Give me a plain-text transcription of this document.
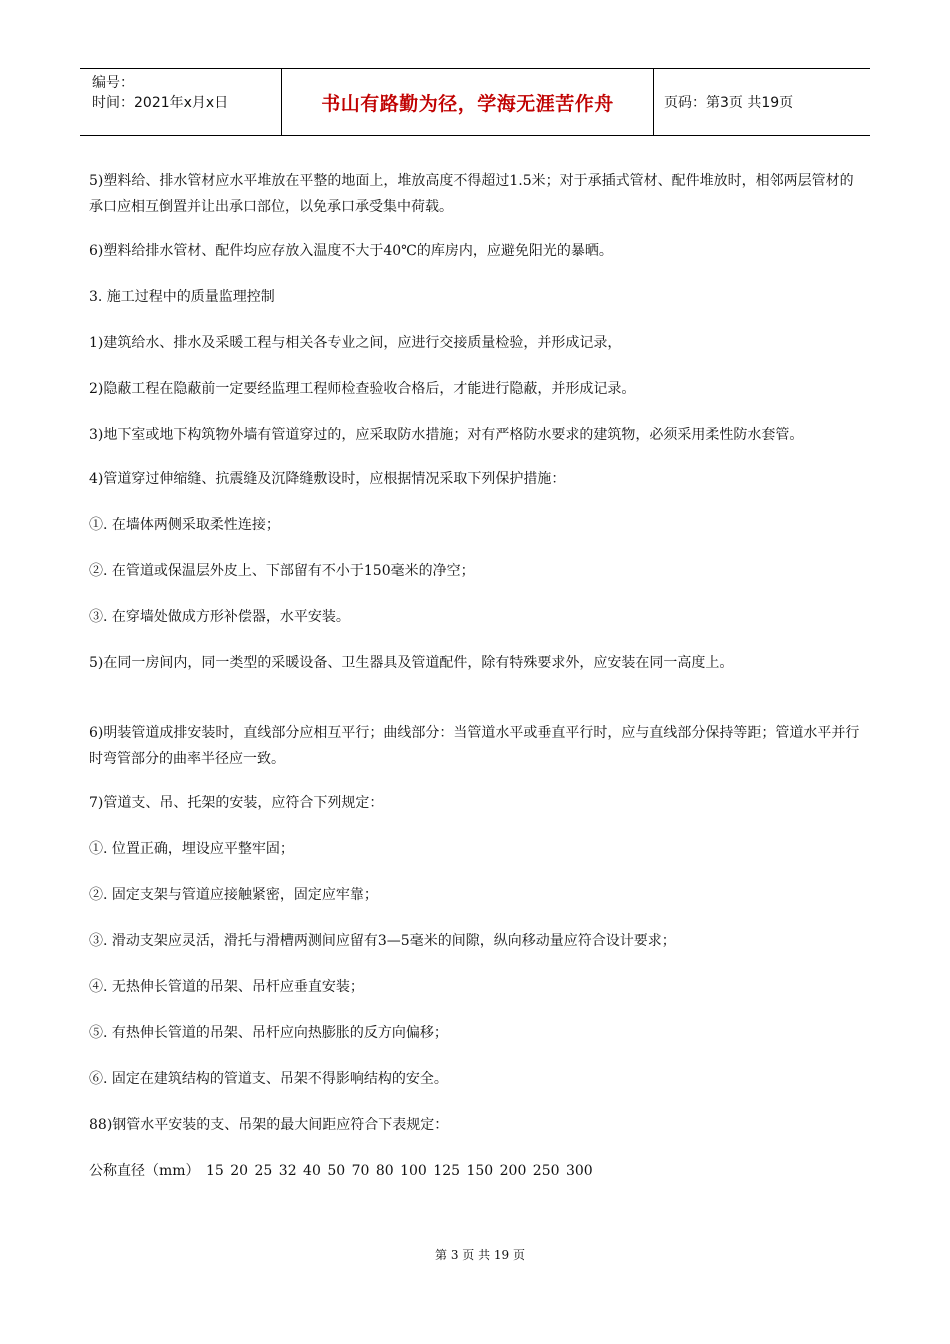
编号：
时间：2021年x月x日	书山有路勤为径，学海无涯苦作舟	页码：第3页 共19页

5)塑料给、排水管材应水平堆放在平整的地面上，堆放高度不得超过1.5米；对于承插式管材、配件堆放时，相邻两层管材的承口应相互倒置并让出承口部位，以免承口承受集中荷载。

6)塑料给排水管材、配件均应存放入温度不大于40℃的库房内，应避免阳光的暴晒。

3. 施工过程中的质量监理控制

1)建筑给水、排水及采暖工程与相关各专业之间，应进行交接质量检验，并形成记录，

2)隐蔽工程在隐蔽前一定要经监理工程师检查验收合格后，才能进行隐蔽，并形成记录。

3)地下室或地下构筑物外墙有管道穿过的，应采取防水措施；对有严格防水要求的建筑物，必须采用柔性防水套管。

4)管道穿过伸缩缝、抗震缝及沉降缝敷设时，应根据情况采取下列保护措施：

①. 在墙体两侧采取柔性连接；

②. 在管道或保温层外皮上、下部留有不小于150毫米的净空；

③. 在穿墙处做成方形补偿器，水平安装。

5)在同一房间内，同一类型的采暖设备、卫生器具及管道配件，除有特殊要求外，应安装在同一高度上。

6)明装管道成排安装时，直线部分应相互平行；曲线部分：当管道水平或垂直平行时，应与直线部分保持等距；管道水平并行时弯管部分的曲率半径应一致。

7)管道支、吊、托架的安装，应符合下列规定：

①. 位置正确，埋设应平整牢固；

②. 固定支架与管道应接触紧密，固定应牢靠；

③. 滑动支架应灵活，滑托与滑槽两测间应留有3—5毫米的间隙，纵向移动量应符合设计要求；

④. 无热伸长管道的吊架、吊杆应垂直安装；

⑤. 有热伸长管道的吊架、吊杆应向热膨胀的反方向偏移；

⑥. 固定在建筑结构的管道支、吊架不得影响结构的安全。

88)钢管水平安装的支、吊架的最大间距应符合下表规定：

公称直径（mm） 15 20 25 32 40 50 70 80 100 125 150 200 250 300

第 3 页 共 19 页
